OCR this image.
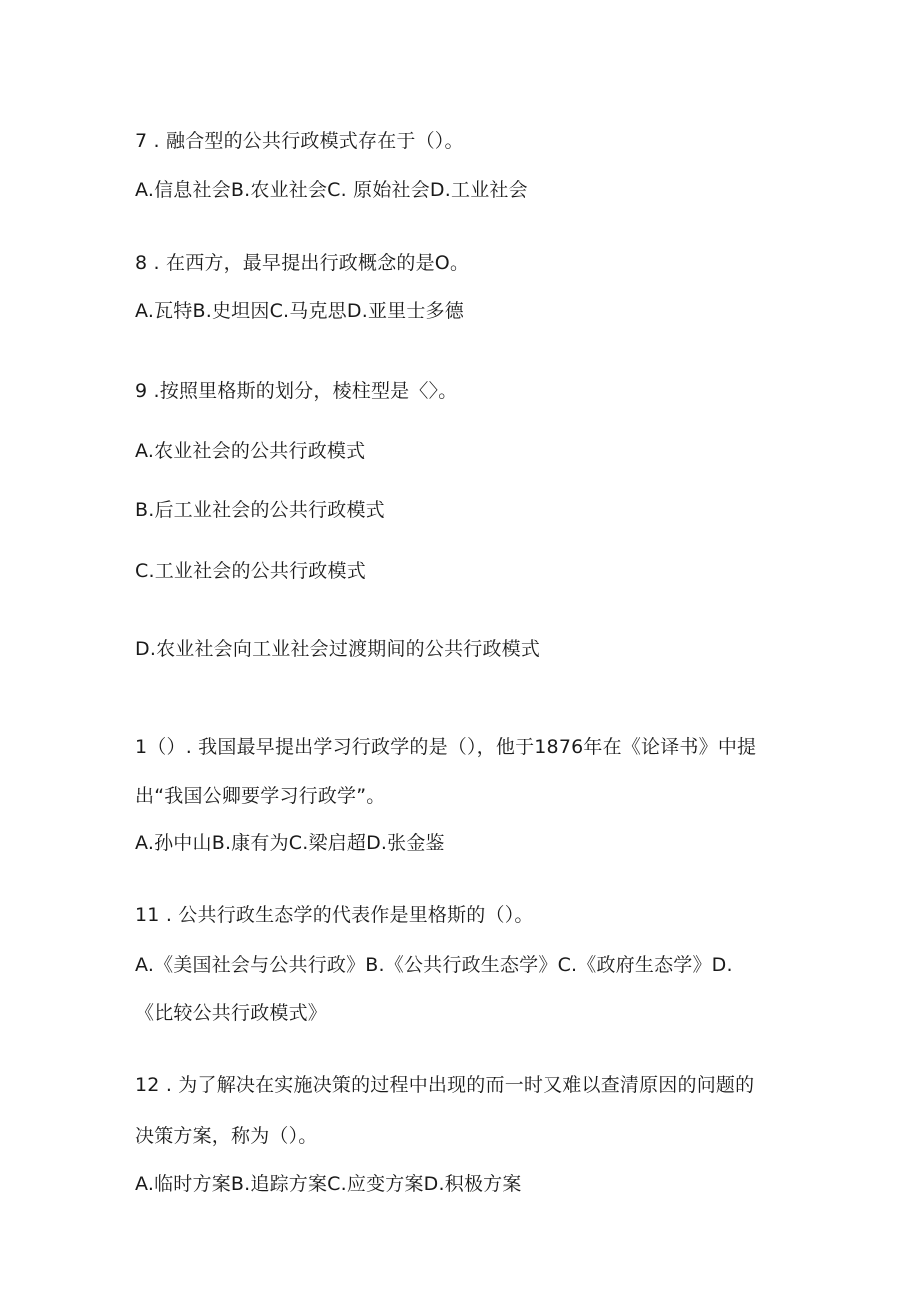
7 . 融合型的公共行政模式存在于（）。
A.信息社会B.农业社会C. 原始社会D.工业社会
8 . 在西方，最早提出行政概念的是O。
A.瓦特B.史坦因C.马克思D.亚里士多德
9 .按照里格斯的划分，棱柱型是〈〉。
A.农业社会的公共行政模式
B.后工业社会的公共行政模式
C.工业社会的公共行政模式
D.农业社会向工业社会过渡期间的公共行政模式
1（）. 我国最早提出学习行政学的是（），他于1876年在《论译书》中提
出“我国公卿要学习行政学”。
A.孙中山B.康有为C.梁启超D.张金鉴
11 . 公共行政生态学的代表作是里格斯的（）。
A.《美国社会与公共行政》B.《公共行政生态学》C.《政府生态学》D.
《比较公共行政模式》
12 . 为了解决在实施决策的过程中出现的而一时又难以查清原因的问题的
决策方案，称为（）。
A.临时方案B.追踪方案C.应变方案D.积极方案
